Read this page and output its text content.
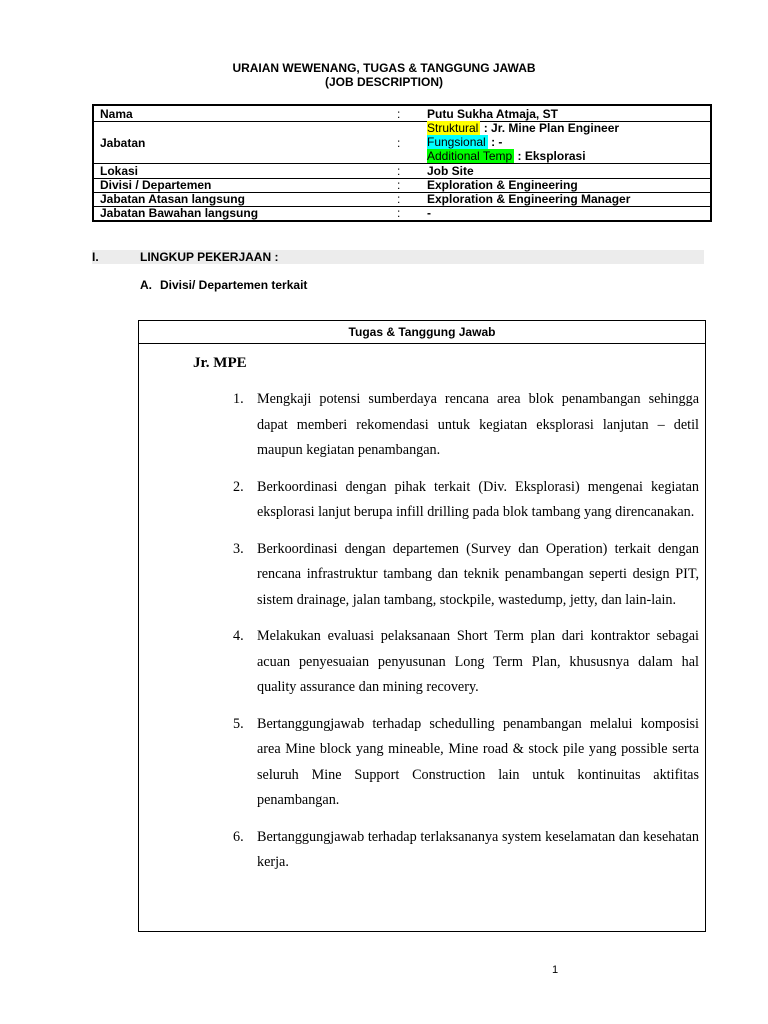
URAIAN WEWENANG, TUGAS & TANGGUNG JAWAB
(JOB DESCRIPTION)
Nama	: Putu Sukha Atmaja, ST
Jabatan	:
Struktural : Jr. Mine Plan Engineer
Fungsional : -
Additional Temp : Eksplorasi
Lokasi	: Job Site
Divisi / Departemen	: Exploration & Engineering
Jabatan Atasan langsung	: Exploration & Engineering Manager
Jabatan Bawahan langsung	: -
I.	LINGKUP PEKERJAAN :
A. Divisi/ Departemen terkait
Tugas & Tanggung Jawab
Jr. MPE
1. Mengkaji potensi sumberdaya rencana area blok penambangan sehingga dapat memberi rekomendasi untuk kegiatan eksplorasi lanjutan – detil maupun kegiatan penambangan.
2. Berkoordinasi dengan pihak terkait (Div. Eksplorasi) mengenai kegiatan eksplorasi lanjut berupa infill drilling pada blok tambang yang direncanakan.
3. Berkoordinasi dengan departemen (Survey dan Operation) terkait dengan rencana infrastruktur tambang dan teknik penambangan seperti design PIT, sistem drainage, jalan tambang, stockpile, wastedump, jetty, dan lain-lain.
4. Melakukan evaluasi pelaksanaan Short Term plan dari kontraktor sebagai acuan penyesuaian penyusunan Long Term Plan, khususnya dalam hal quality assurance dan mining recovery.
5. Bertanggungjawab terhadap schedulling penambangan melalui komposisi area Mine block yang mineable, Mine road & stock pile yang possible serta seluruh Mine Support Construction lain untuk kontinuitas aktifitas penambangan.
6. Bertanggungjawab terhadap terlaksananya system keselamatan dan kesehatan kerja.
1
